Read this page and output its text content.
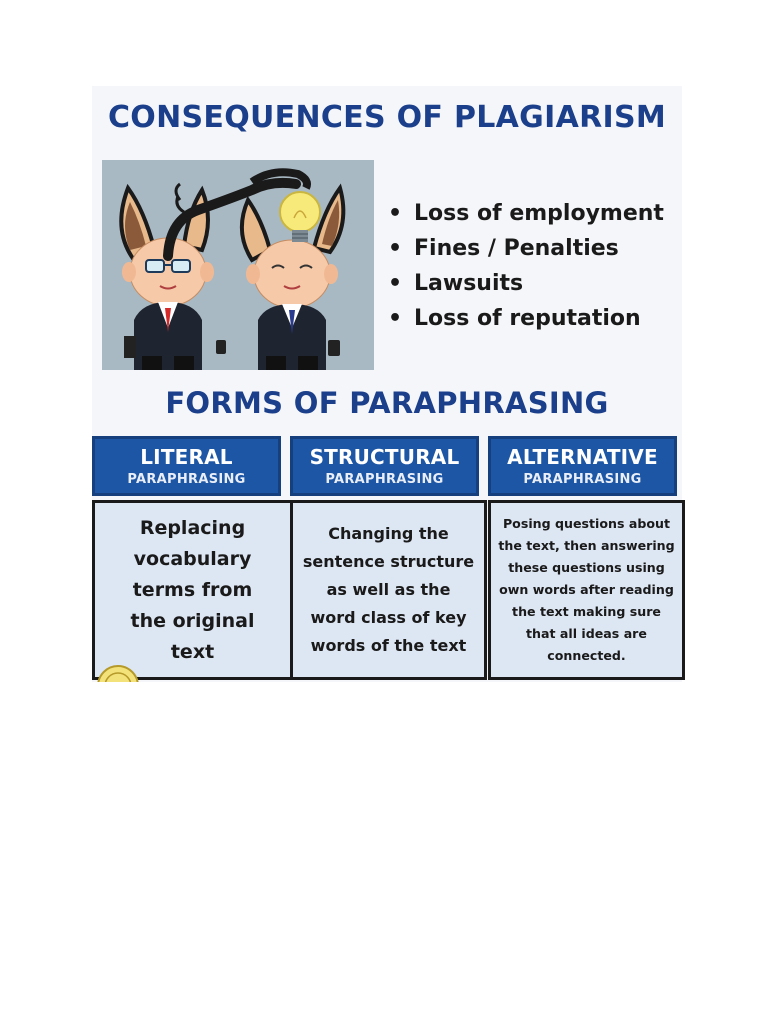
CONSEQUENCES OF PLAGIARISM
• Loss of employment
• Fines / Penalties
• Lawsuits
• Loss of reputation
FORMS OF PARAPHRASING
LITERAL
PARAPHRASING
Replacing vocabulary terms from the original text
STRUCTURAL
PARAPHRASING
Changing the sentence structure as well as the word class of key words of the text
ALTERNATIVE
PARAPHRASING
Posing questions about the text, then answering these questions using own words after reading the text making sure that all ideas are connected.
